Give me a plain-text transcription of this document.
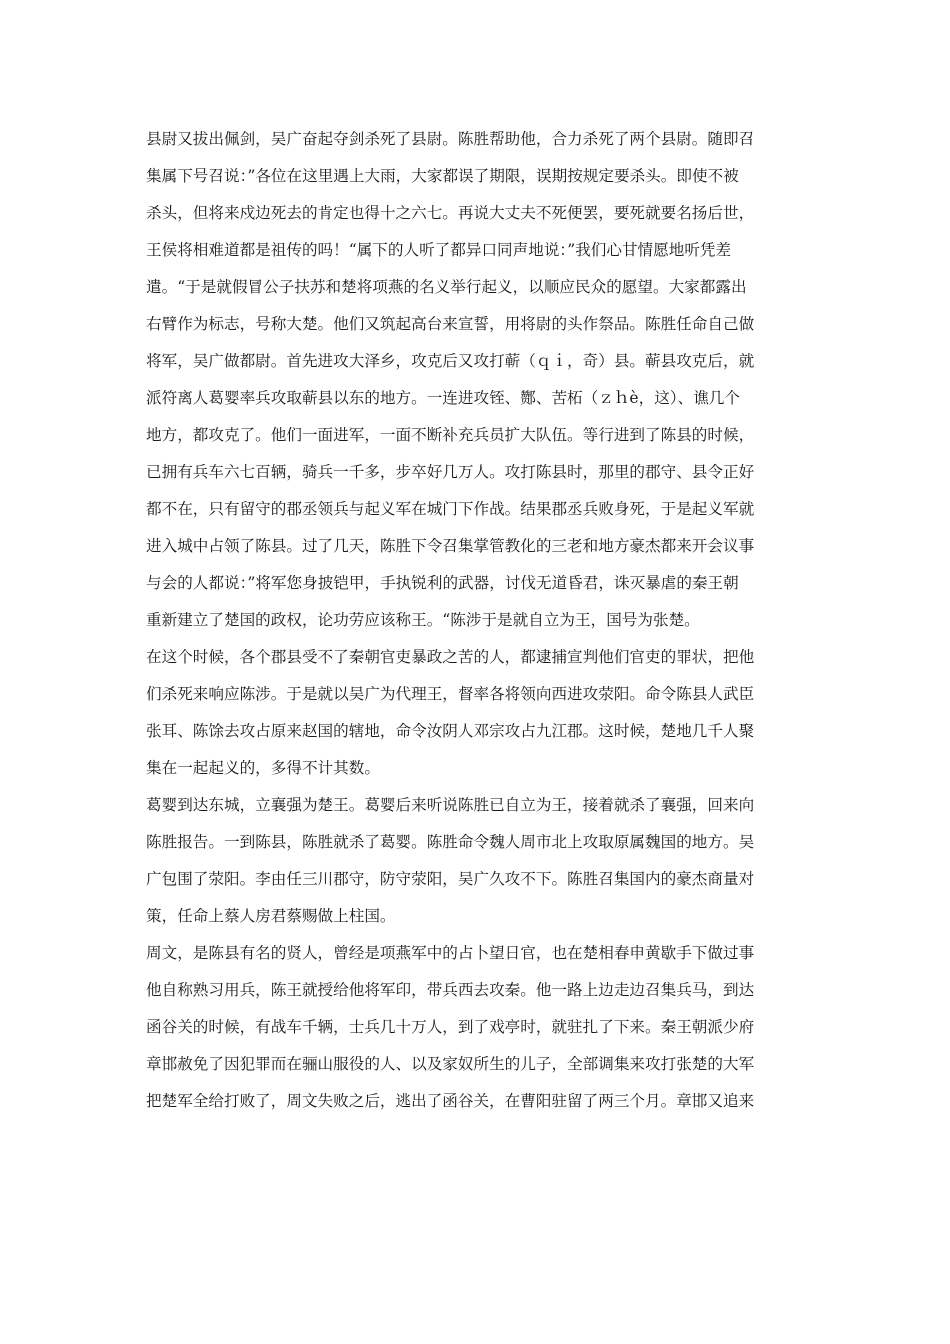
县尉又拔出佩剑，吴广奋起夺剑杀死了县尉。陈胜帮助他，合力杀死了两个县尉。随即召
集属下号召说：”各位在这里遇上大雨，大家都误了期限，误期按规定要杀头。即使不被
杀头，但将来戍边死去的肯定也得十之六七。再说大丈夫不死便罢，要死就要名扬后世，
王侯将相难道都是祖传的吗！“属下的人听了都异口同声地说：”我们心甘情愿地听凭差
遣。“于是就假冒公子扶苏和楚将项燕的名义举行起义，以顺应民众的愿望。大家都露出
右臂作为标志，号称大楚。他们又筑起高台来宣誓，用将尉的头作祭品。陈胜任命自己做
将军，吴广做都尉。首先进攻大泽乡，攻克后又攻打蕲（ｑｉ，奇）县。蕲县攻克后，就
派符离人葛婴率兵攻取蕲县以东的地方。一连进攻铚、酂、苦柘（ｚｈè，这）、谯几个
地方，都攻克了。他们一面进军，一面不断补充兵员扩大队伍。等行进到了陈县的时候，
已拥有兵车六七百辆，骑兵一千多，步卒好几万人。攻打陈县时，那里的郡守、县令正好
都不在，只有留守的郡丞领兵与起义军在城门下作战。结果郡丞兵败身死，于是起义军就
进入城中占领了陈县。过了几天，陈胜下令召集掌管教化的三老和地方豪杰都来开会议事
与会的人都说：”将军您身披铠甲，手执锐利的武器，讨伐无道昏君，诛灭暴虐的秦王朝
重新建立了楚国的政权，论功劳应该称王。“陈涉于是就自立为王，国号为张楚。
在这个时候，各个郡县受不了秦朝官吏暴政之苦的人，都逮捕宣判他们官吏的罪状，把他
们杀死来响应陈涉。于是就以吴广为代理王，督率各将领向西进攻荥阳。命令陈县人武臣
张耳、陈馀去攻占原来赵国的辖地，命令汝阴人邓宗攻占九江郡。这时候，楚地几千人聚
集在一起起义的，多得不计其数。
葛婴到达东城，立襄强为楚王。葛婴后来听说陈胜已自立为王，接着就杀了襄强，回来向
陈胜报告。一到陈县，陈胜就杀了葛婴。陈胜命令魏人周市北上攻取原属魏国的地方。吴
广包围了荥阳。李由任三川郡守，防守荥阳，吴广久攻不下。陈胜召集国内的豪杰商量对
策，任命上蔡人房君蔡赐做上柱国。
周文，是陈县有名的贤人，曾经是项燕军中的占卜望日官，也在楚相春申黄歇手下做过事
他自称熟习用兵，陈王就授给他将军印，带兵西去攻秦。他一路上边走边召集兵马，到达
函谷关的时候，有战车千辆，士兵几十万人，到了戏亭时，就驻扎了下来。秦王朝派少府
章邯赦免了因犯罪而在骊山服役的人、以及家奴所生的儿子，全部调集来攻打张楚的大军
把楚军全给打败了，周文失败之后，逃出了函谷关，在曹阳驻留了两三个月。章邯又追来
